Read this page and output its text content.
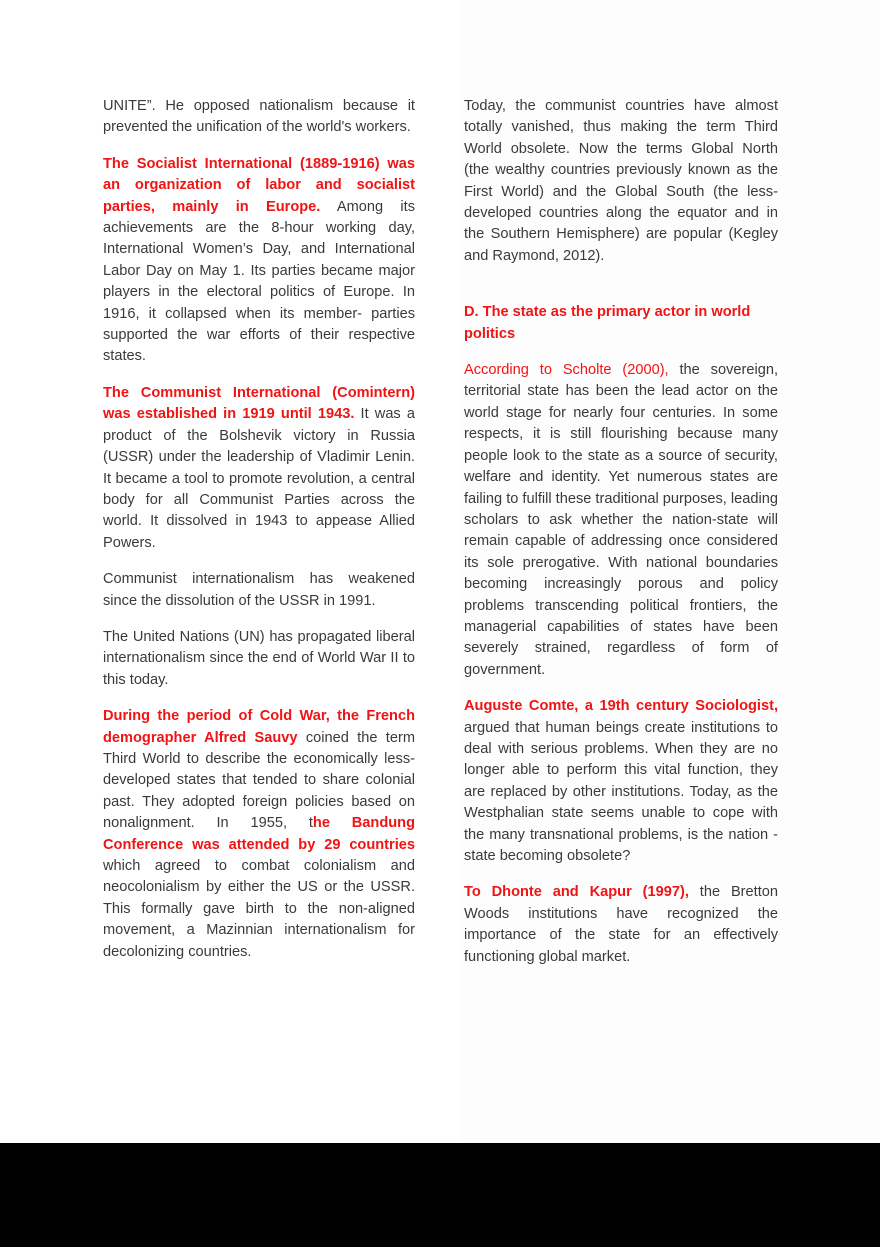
UNITE”. He opposed nationalism because it prevented the unification of the world's workers.

The Socialist International (1889-1916) was an organization of labor and socialist parties, mainly in Europe. Among its achievements are the 8-hour working day, International Women’s Day, and International Labor Day on May 1. Its parties became major players in the electoral politics of Europe. In 1916, it collapsed when its member- parties supported the war efforts of their respective states.

The Communist International (Comintern) was established in 1919 until 1943. It was a product of the Bolshevik victory in Russia (USSR) under the leadership of Vladimir Lenin. It became a tool to promote revolution, a central body for all Communist Parties across the world. It dissolved in 1943 to appease Allied Powers.

Communist internationalism has weakened since the dissolution of the USSR in 1991.

The United Nations (UN) has propagated liberal internationalism since the end of World War II to this today.

During the period of Cold War, the French demographer Alfred Sauvy coined the term Third World to describe the economically less-developed states that tended to share colonial past. They adopted foreign policies based on nonalignment. In 1955, the Bandung Conference was attended by 29 countries which agreed to combat colonialism and neocolonialism by either the US or the USSR. This formally gave birth to the non-aligned movement, a Mazinnian internationalism for decolonizing countries.

Today, the communist countries have almost totally vanished, thus making the term Third World obsolete. Now the terms Global North (the wealthy countries previously known as the First World) and the Global South (the less-developed countries along the equator and in the Southern Hemisphere) are popular (Kegley and Raymond, 2012).

D. The state as the primary actor in world politics

According to Scholte (2000), the sovereign, territorial state has been the lead actor on the world stage for nearly four centuries. In some respects, it is still flourishing because many people look to the state as a source of security, welfare and identity. Yet numerous states are failing to fulfill these traditional purposes, leading scholars to ask whether the nation-state will remain capable of addressing once considered its sole prerogative. With national boundaries becoming increasingly porous and policy problems transcending political frontiers, the managerial capabilities of states have been severely strained, regardless of form of government.

Auguste Comte, a 19th century Sociologist, argued that human beings create institutions to deal with serious problems. When they are no longer able to perform this vital function, they are replaced by other institutions. Today, as the Westphalian state seems unable to cope with the many transnational problems, is the nation -state becoming obsolete?

To Dhonte and Kapur (1997), the Bretton Woods institutions have recognized the importance of the state for an effectively functioning global market.
